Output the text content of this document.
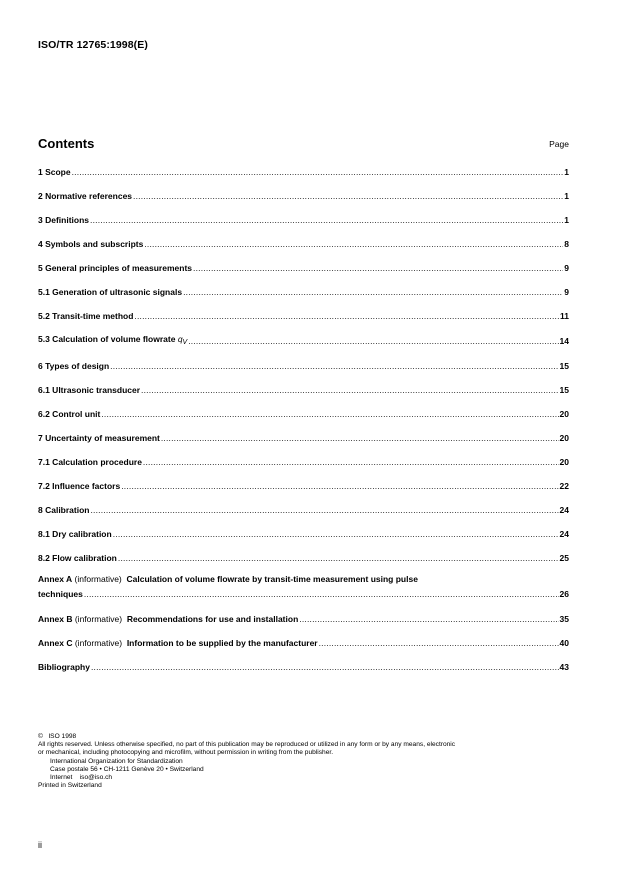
ISO/TR 12765:1998(E)
Contents	Page
1 Scope .....	1
2 Normative references .....	1
3 Definitions .....	1
4 Symbols and subscripts .....	8
5 General principles of measurements .....	9
5.1 Generation of ultrasonic signals .....	9
5.2 Transit-time method .....	11
5.3 Calculation of volume flowrate $q_V$ .....	14
6 Types of design .....	15
6.1 Ultrasonic transducer .....	15
6.2 Control unit .....	20
7 Uncertainty of measurement .....	20
7.1 Calculation procedure .....	20
7.2 Influence factors .....	22
8 Calibration .....	24
8.1 Dry calibration .....	24
8.2 Flow calibration .....	25
Annex A (informative) Calculation of volume flowrate by transit-time measurement using pulse
techniques .....	26
Annex B (informative) Recommendations for use and installation .....	35
Annex C (informative) Information to be supplied by the manufacturer .....	40
Bibliography .....	43
©   ISO 1998
All rights reserved. Unless otherwise specified, no part of this publication may be reproduced or utilized in any form or by any means, electronic
or mechanical, including photocopying and microfilm, without permission in writing from the publisher.
International Organization for Standardization
Case postale 56 • CH-1211 Genève 20 • Switzerland
Internet    iso@iso.ch
Printed in Switzerland
ii
